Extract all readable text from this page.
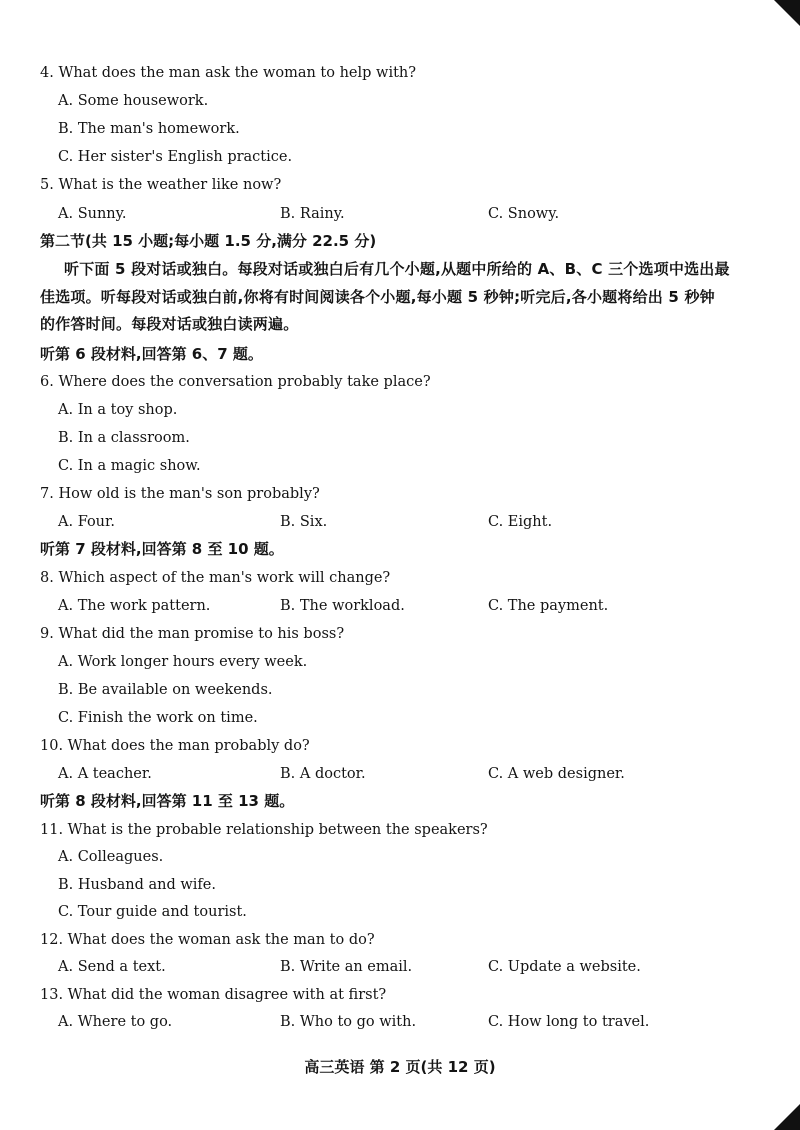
4. What does the man ask the woman to help with?
A. Some housework.
B. The man's homework.
C. Her sister's English practice.
5. What is the weather like now?
A. Sunny.	B. Rainy.	C. Snowy.
第二节(共 15 小题;每小题 1.5 分,满分 22.5 分)
听下面 5 段对话或独白。每段对话或独白后有几个小题,从题中所给的 A、B、C 三个选项中选出最佳选项。听每段对话或独白前,你将有时间阅读各个小题,每小题 5 秒钟;听完后,各小题将给出 5 秒钟的作答时间。每段对话或独白读两遍。
听第 6 段材料,回答第 6、7 题。
6. Where does the conversation probably take place?
A. In a toy shop.
B. In a classroom.
C. In a magic show.
7. How old is the man's son probably?
A. Four.	B. Six.	C. Eight.
听第 7 段材料,回答第 8 至 10 题。
8. Which aspect of the man's work will change?
A. The work pattern.	B. The workload.	C. The payment.
9. What did the man promise to his boss?
A. Work longer hours every week.
B. Be available on weekends.
C. Finish the work on time.
10. What does the man probably do?
A. A teacher.	B. A doctor.	C. A web designer.
听第 8 段材料,回答第 11 至 13 题。
11. What is the probable relationship between the speakers?
A. Colleagues.
B. Husband and wife.
C. Tour guide and tourist.
12. What does the woman ask the man to do?
A. Send a text.	B. Write an email.	C. Update a website.
13. What did the woman disagree with at first?
A. Where to go.	B. Who to go with.	C. How long to travel.
高三英语 第 2 页(共 12 页)
